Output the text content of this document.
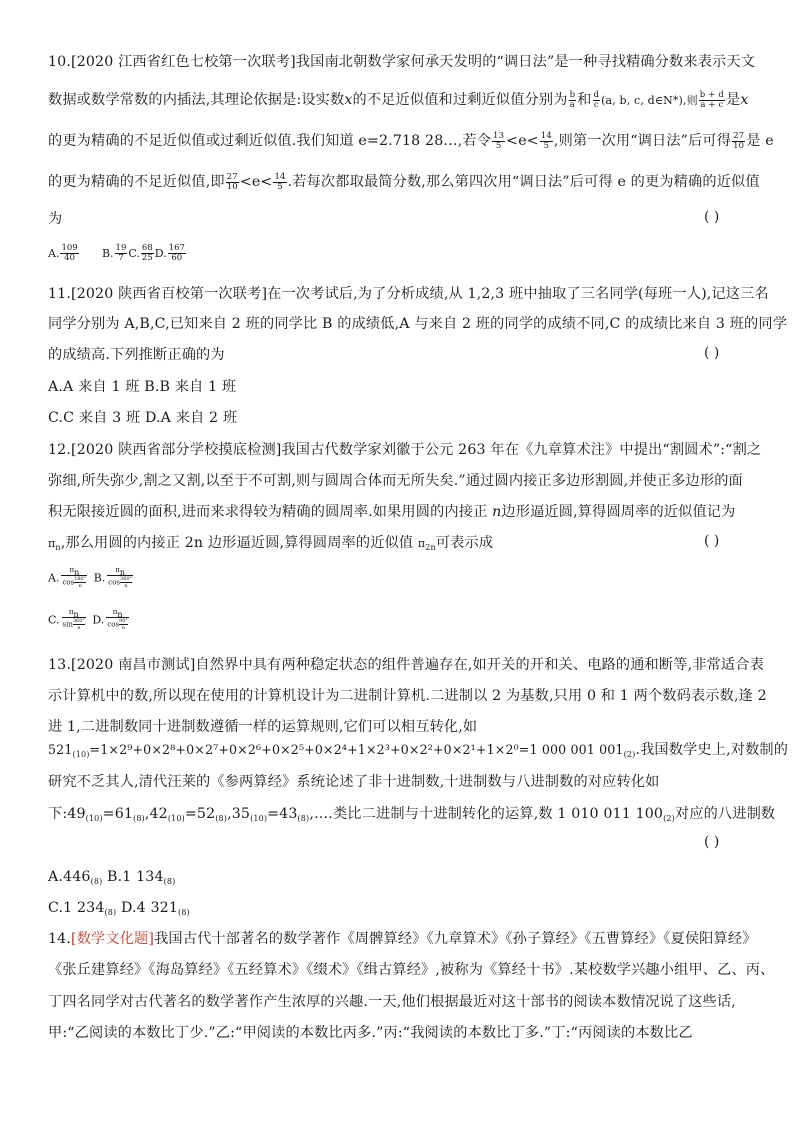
10.[2020 江西省红色七校第一次联考]我国南北朝数学家何承天发明的“调日法”是一种寻找精确分数来表示天文
数据或数学常数的内插法,其理论依据是:设实数x的不足近似值和过剩近似值分别为 $\frac{b}{a}$ 和 $\frac{d}{c} (a$, b, c, d∈N*),则 $\frac{b + d}{a + c}$ 是x
的更为精确的不足近似值或过剩近似值.我们知道 e=2.718 28…,若令 $\frac{13}{5} <e< \frac{14}{5}$ ,则第一次用“调日法”后可得 $\frac{27}{10}$ 是 e
的更为精确的不足近似值,即 $\frac{27}{10} <e< \frac{14}{5}$ .若每次都取最简分数,那么第四次用“调日法”后可得 e 的更为精确的近似值
为	( )
A. $\frac{109}{40} B$. $\frac{19}{7} C$. $\frac{68}{25} D$. $\frac{167}{60}$
11.[2020 陕西省百校第一次联考]在一次考试后,为了分析成绩,从 1,2,3 班中抽取了三名同学(每班一人),记这三名
同学分别为 A,B,C,已知来自 2 班的同学比 B 的成绩低,A 与来自 2 班的同学的成绩不同,C 的成绩比来自 3 班的同学
的成绩高.下列推断正确的为	( )
A.A 来自 1 班 B.B 来自 1 班
C.C 来自 3 班 D.A 来自 2 班
12.[2020 陕西省部分学校摸底检测]我国古代数学家刘徽于公元 263 年在《九章算术注》中提出“割圆术”:“割之
弥细,所失弥少,割之又割,以至于不可割,则与圆周合体而无所失矣.”通过圆内接正多边形割圆,并使正多边形的面
积无限接近圆的面积,进而来求得较为精确的圆周率.如果用圆的内接正 n边形逼近圆,算得圆周率的近似值记为
$\pi_n$,那么用圆的内接正 2n 边形逼近圆,算得圆周率的近似值 $\pi_{2n}$可表示成	( )
A. $\frac{\pi_n}{\cos \frac{180^\circ}{n}} B$. $\frac{\pi_n}{\cos \frac{360^\circ}{n}}$
C. $\frac{\pi_n}{\sin \frac{360^\circ}{n}} D$. $\frac{\pi_n}{\cos \frac{90^\circ}{n}}$
13.[2020 南昌市测试]自然界中具有两种稳定状态的组件普遍存在,如开关的开和关、电路的通和断等,非常适合表
示计算机中的数,所以现在使用的计算机设计为二进制计算机.二进制以 2 为基数,只用 0 和 1 两个数码表示数,逢 2
进 1,二进制数同十进制数遵循一样的运算规则,它们可以相互转化,如
$521_{(10)}=1\times 2^9+0\times 2^8+0\times 2^7+0\times 2^6+0\times 2^5+0\times 2^4+1\times 2^3+0\times 2^2+0\times 2^1+1\times 2^0=1$ 000 001 $001_{(2)}$.我国数学史上,对数制的
研究不乏其人,清代汪莱的《参两算经》系统论述了非十进制数,十进制数与八进制数的对应转化如
下$:49_{(10)}=61_{(8)},42_{(10)}=52_{(8)},35_{(10)}=43_{(8)},\dots$.类比二进制与十进制转化的运算,数 1 010 011 $100_{(2)}$对应的八进制数
( )
$A.446_{(8)}$ B.1 $134_{(8)}$
C.1 $234_{(8)}$ D.4 $321_{(8)}$
14.[数学文化题]我国古代十部著名的数学著作《周髀算经》《九章算术》《孙子算经》《五曹算经》《夏侯阳算经》
《张丘建算经》《海岛算经》《五经算术》《缀术》《缉古算经》,被称为《算经十书》.某校数学兴趣小组甲、乙、丙、
丁四名同学对古代著名的数学著作产生浓厚的兴趣.一天,他们根据最近对这十部书的阅读本数情况说了这些话,
甲:“乙阅读的本数比丁少.”乙:“甲阅读的本数比丙多.”丙:“我阅读的本数比丁多.”丁:“丙阅读的本数比乙
